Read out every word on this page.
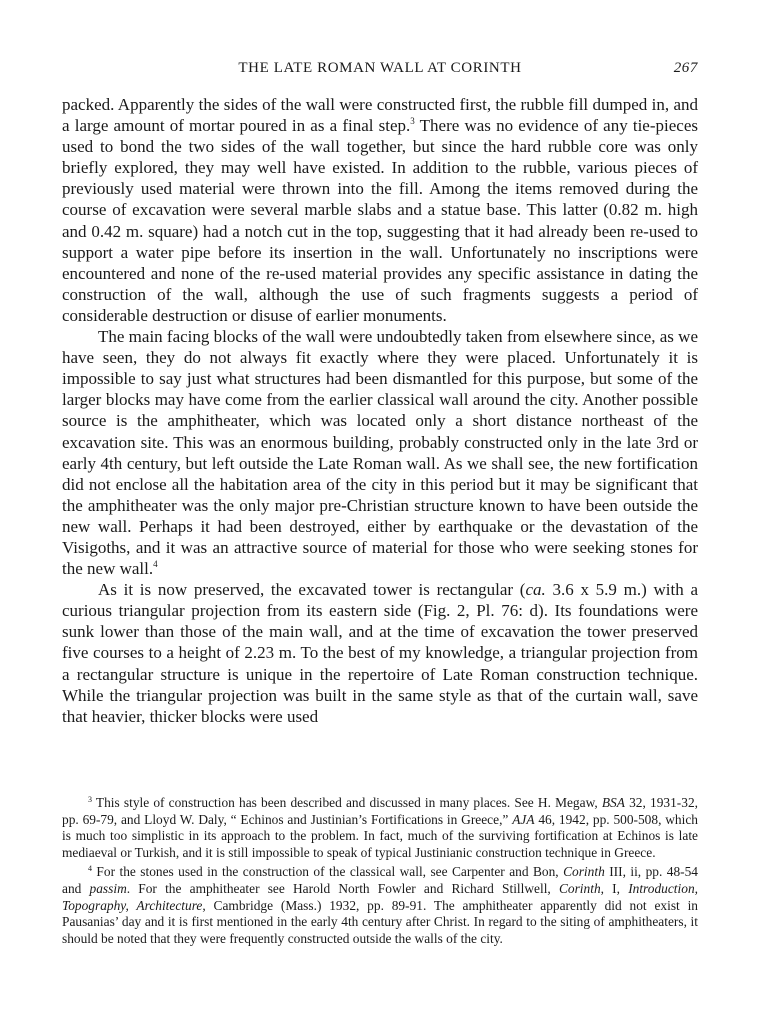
THE LATE ROMAN WALL AT CORINTH	267

packed. Apparently the sides of the wall were constructed first, the rubble fill dumped in, and a large amount of mortar poured in as a final step.$^3$ There was no evidence of any tie-pieces used to bond the two sides of the wall together, but since the hard rubble core was only briefly explored, they may well have existed. In addition to the rubble, various pieces of previously used material were thrown into the fill. Among the items removed during the course of excavation were several marble slabs and a statue base. This latter (0.82 m. high and 0.42 m. square) had a notch cut in the top, suggesting that it had already been re-used to support a water pipe before its insertion in the wall. Unfortunately no inscriptions were encountered and none of the re-used material provides any specific assistance in dating the construction of the wall, although the use of such fragments suggests a period of considerable destruction or disuse of earlier monuments.

The main facing blocks of the wall were undoubtedly taken from elsewhere since, as we have seen, they do not always fit exactly where they were placed. Unfortunately it is impossible to say just what structures had been dismantled for this purpose, but some of the larger blocks may have come from the earlier classical wall around the city. Another possible source is the amphitheater, which was located only a short distance northeast of the excavation site. This was an enormous building, probably constructed only in the late 3rd or early 4th century, but left outside the Late Roman wall. As we shall see, the new fortification did not enclose all the habitation area of the city in this period but it may be significant that the amphitheater was the only major pre-Christian structure known to have been outside the new wall. Perhaps it had been destroyed, either by earthquake or the devastation of the Visigoths, and it was an attractive source of material for those who were seeking stones for the new wall.$^4$

As it is now preserved, the excavated tower is rectangular (ca. 3.6 x 5.9 m.) with a curious triangular projection from its eastern side (Fig. 2, Pl. 76: d). Its foundations were sunk lower than those of the main wall, and at the time of excavation the tower preserved five courses to a height of 2.23 m. To the best of my knowledge, a triangular projection from a rectangular structure is unique in the repertoire of Late Roman construction technique. While the triangular projection was built in the same style as that of the curtain wall, save that heavier, thicker blocks were used

$^3$ This style of construction has been described and discussed in many places. See H. Megaw, BSA 32, 1931-32, pp. 69-79, and Lloyd W. Daly, “ Echinos and Justinian’s Fortifications in Greece,” AJA 46, 1942, pp. 500-508, which is much too simplistic in its approach to the problem. In fact, much of the surviving fortification at Echinos is late mediaeval or Turkish, and it is still impossible to speak of typical Justinianic construction technique in Greece.

$^4$ For the stones used in the construction of the classical wall, see Carpenter and Bon, Corinth III, ii, pp. 48-54 and passim. For the amphitheater see Harold North Fowler and Richard Stillwell, Corinth, I, Introduction, Topography, Architecture, Cambridge (Mass.) 1932, pp. 89-91. The amphitheater apparently did not exist in Pausanias’ day and it is first mentioned in the early 4th century after Christ. In regard to the siting of amphitheaters, it should be noted that they were frequently constructed outside the walls of the city.
